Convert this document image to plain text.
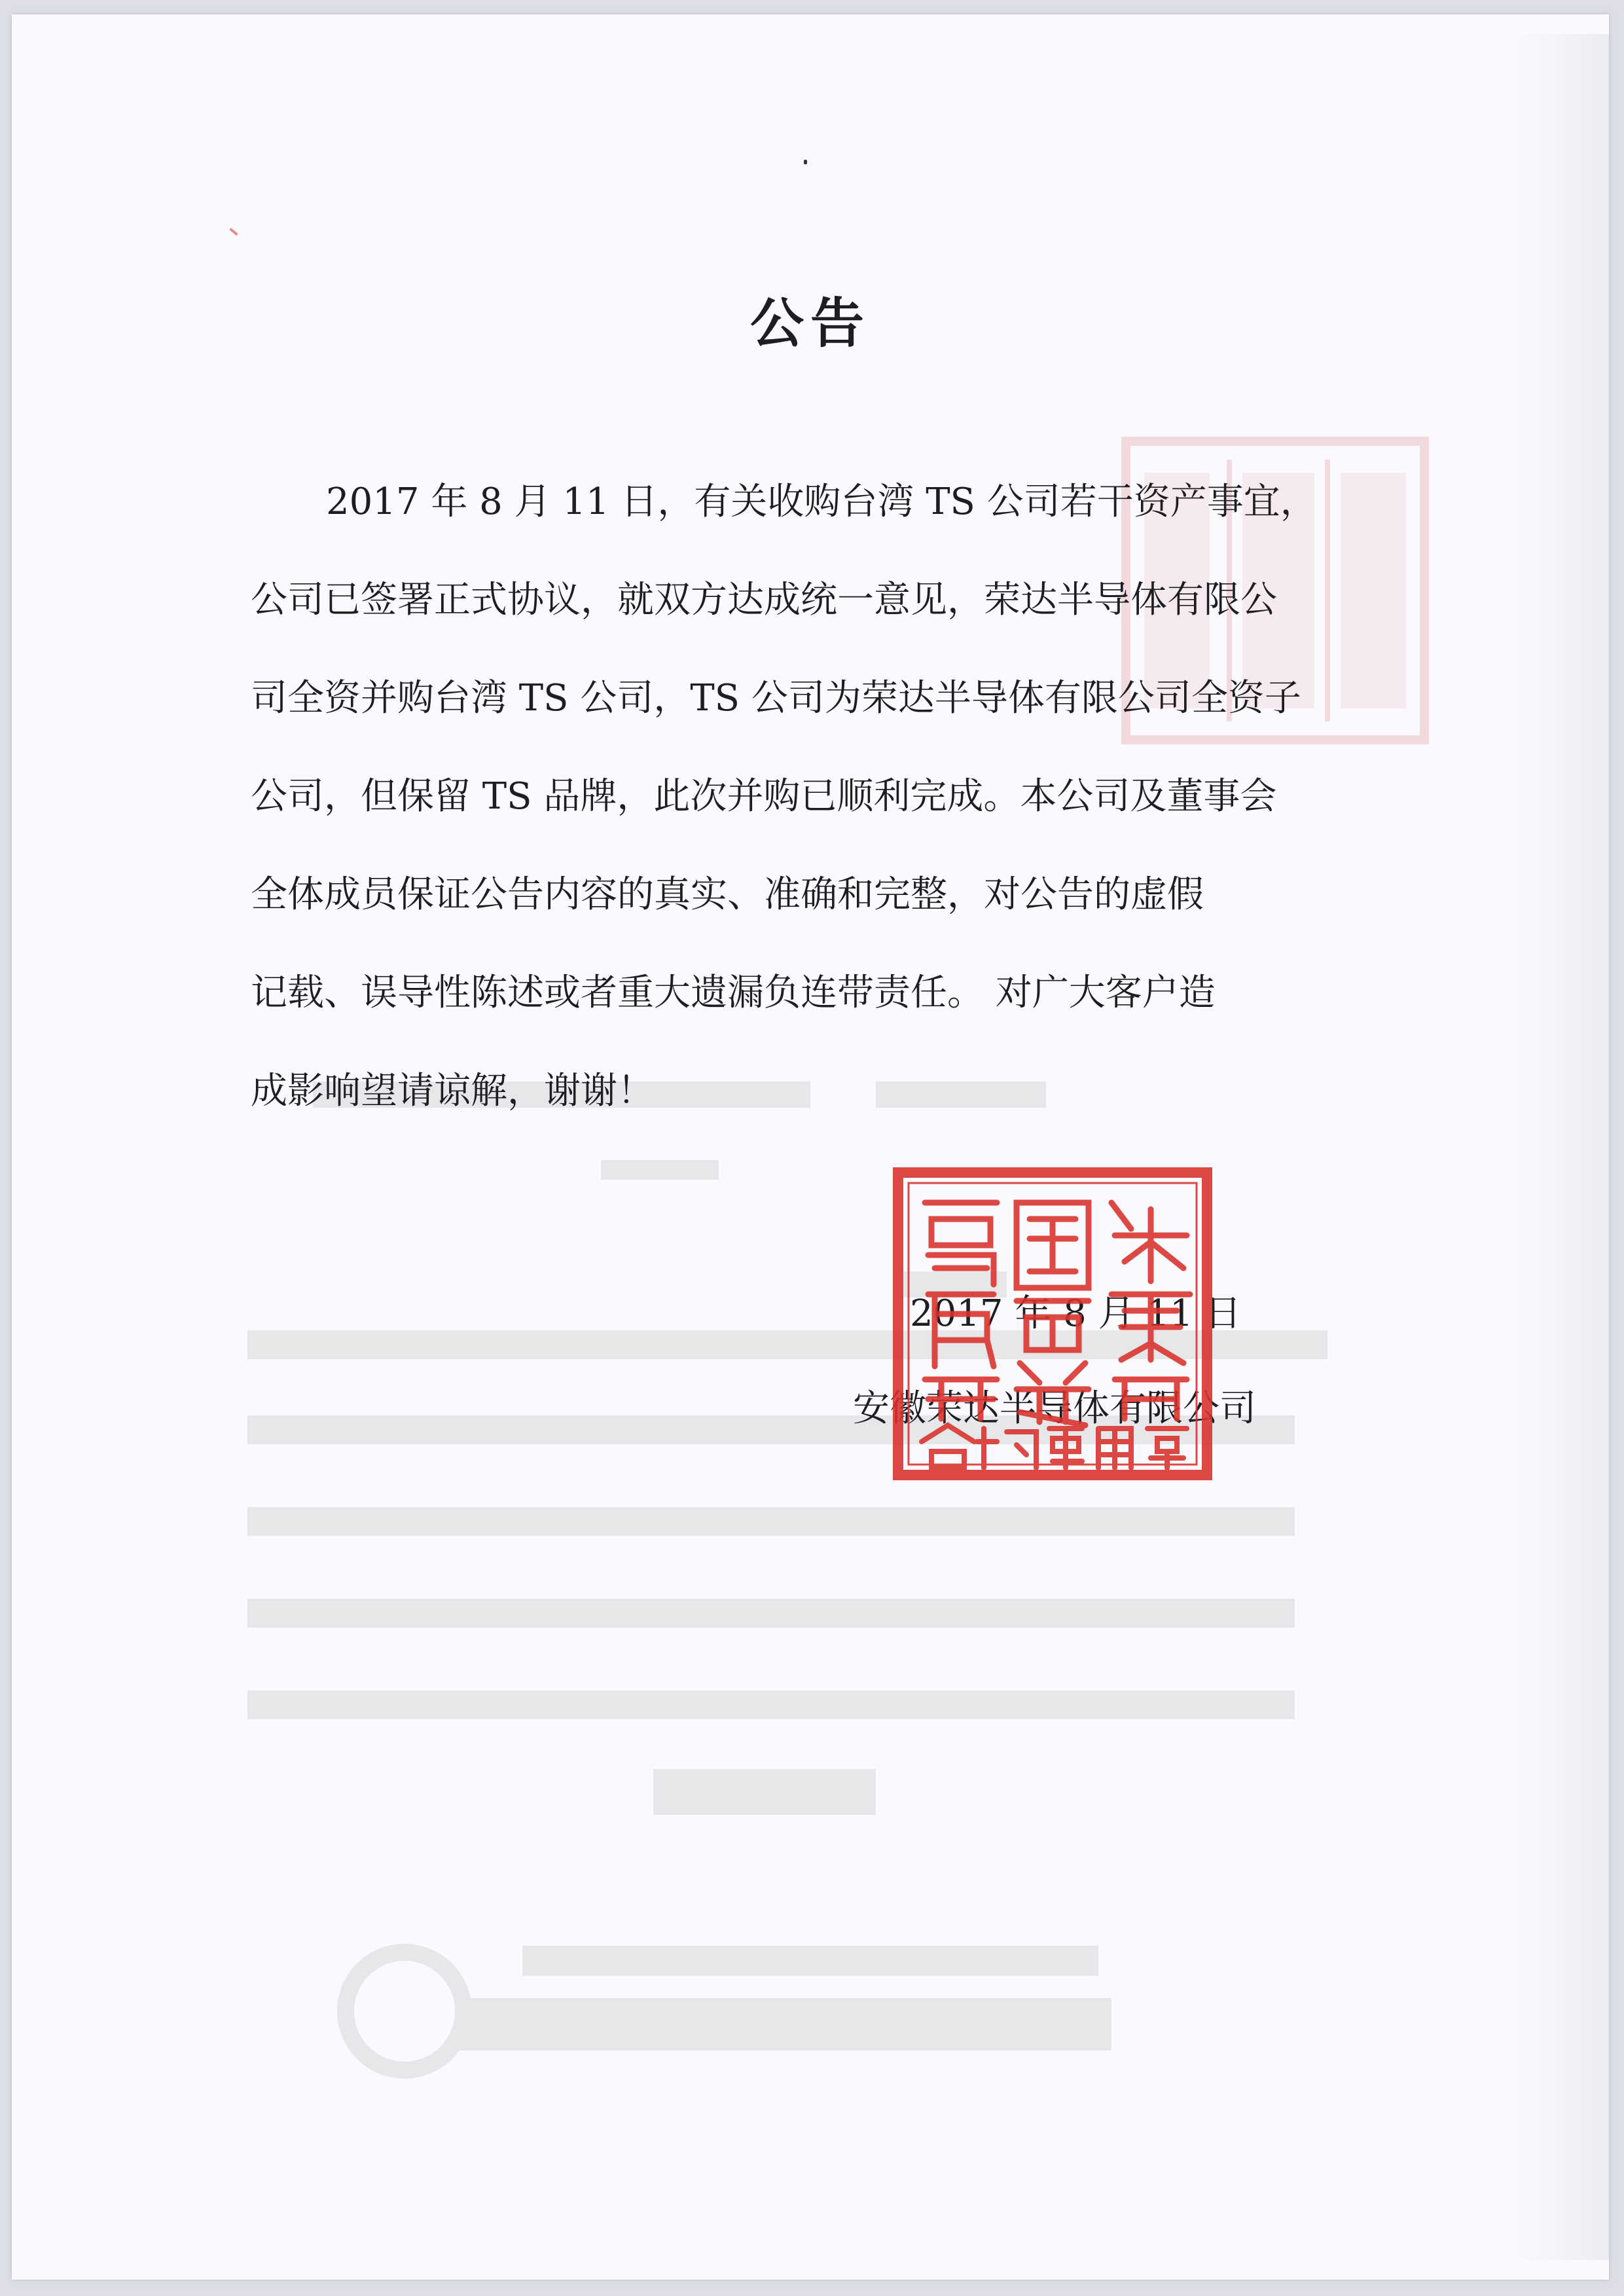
公告
2017 年 8 月 11 日，有关收购台湾 TS 公司若干资产事宜，
公司已签署正式协议，就双方达成统一意见，荣达半导体有限公
司全资并购台湾 TS 公司，TS 公司为荣达半导体有限公司全资子
公司，但保留 TS 品牌，此次并购已顺利完成。本公司及董事会
全体成员保证公告内容的真实、准确和完整，对公告的虚假
记载、误导性陈述或者重大遗漏负连带责任。 对广大客户造
成影响望请谅解，谢谢！
2017 年 8 月 11 日
安徽荣达半导体有限公司
